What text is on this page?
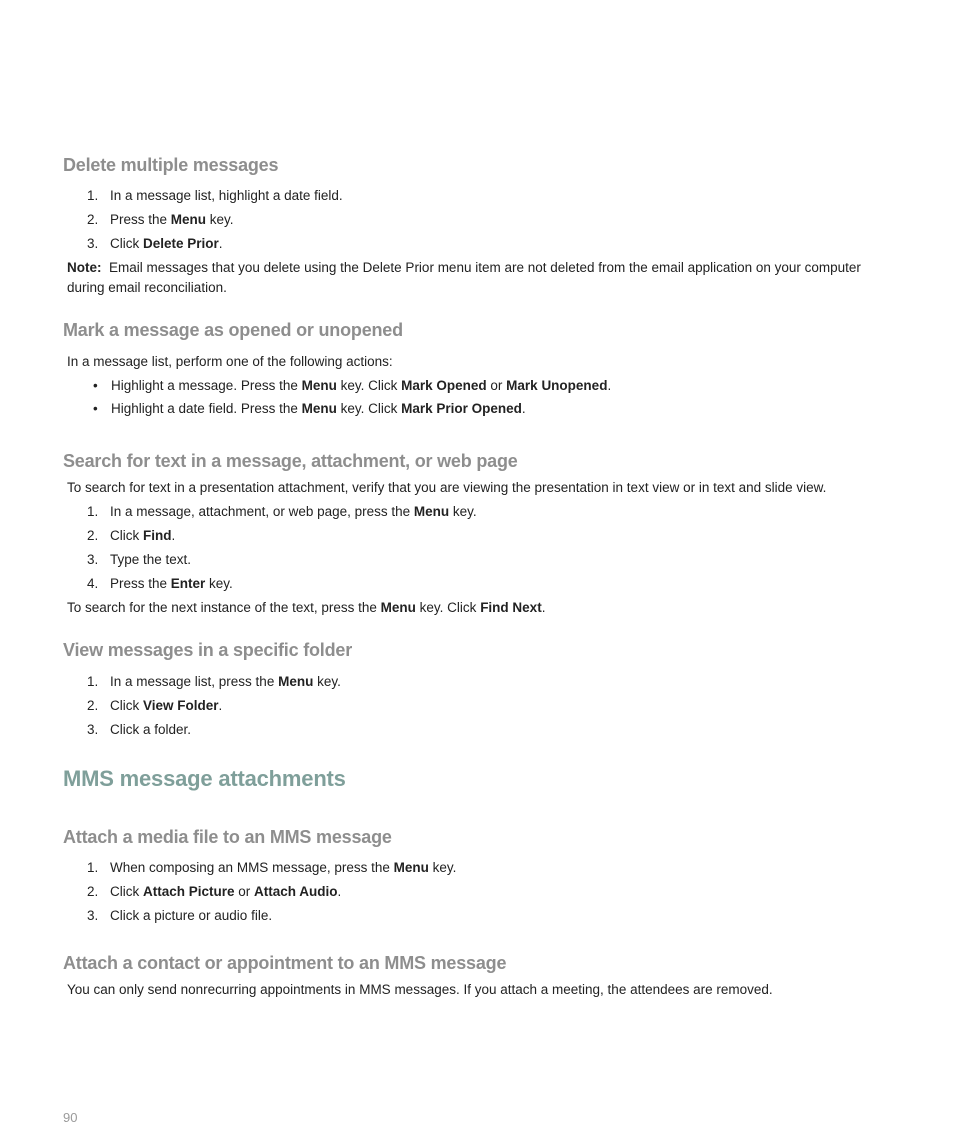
Delete multiple messages
1. In a message list, highlight a date field.
2. Press the Menu key.
3. Click Delete Prior.
Note: Email messages that you delete using the Delete Prior menu item are not deleted from the email application on your computer during email reconciliation.
Mark a message as opened or unopened
In a message list, perform one of the following actions:
• Highlight a message. Press the Menu key. Click Mark Opened or Mark Unopened.
• Highlight a date field. Press the Menu key. Click Mark Prior Opened.
Search for text in a message, attachment, or web page
To search for text in a presentation attachment, verify that you are viewing the presentation in text view or in text and slide view.
1. In a message, attachment, or web page, press the Menu key.
2. Click Find.
3. Type the text.
4. Press the Enter key.
To search for the next instance of the text, press the Menu key. Click Find Next.
View messages in a specific folder
1. In a message list, press the Menu key.
2. Click View Folder.
3. Click a folder.
MMS message attachments
Attach a media file to an MMS message
1. When composing an MMS message, press the Menu key.
2. Click Attach Picture or Attach Audio.
3. Click a picture or audio file.
Attach a contact or appointment to an MMS message
You can only send nonrecurring appointments in MMS messages. If you attach a meeting, the attendees are removed.
90
